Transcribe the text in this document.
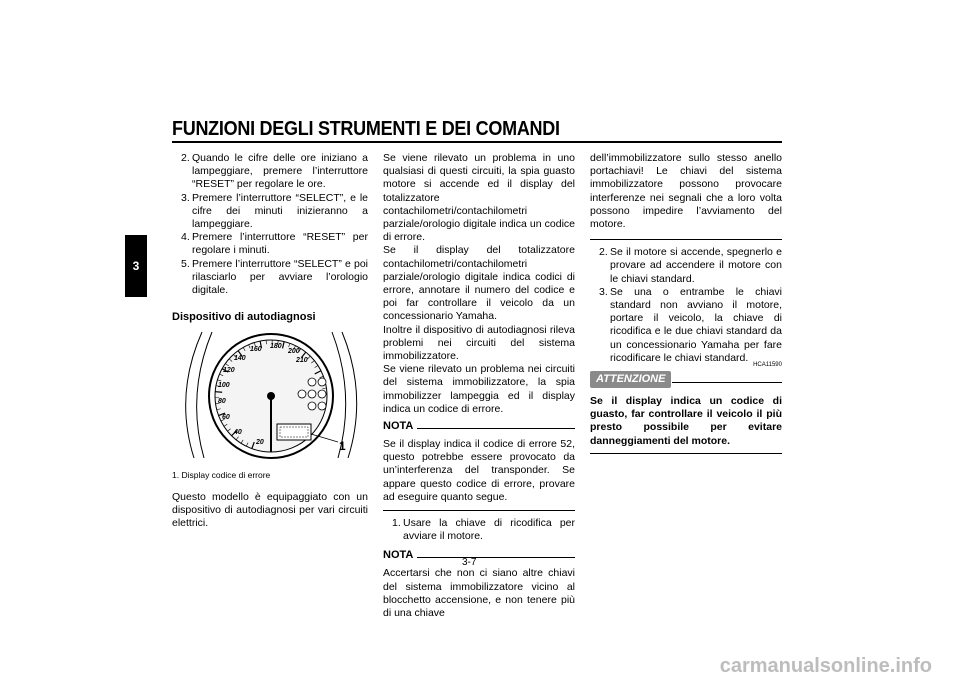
FUNZIONI DEGLI STRUMENTI E DEI COMANDI
3

2. Quando le cifre delle ore iniziano a lampeggiare, premere l’interruttore “RESET” per regolare le ore.

3. Premere l’interruttore “SELECT”, e le cifre dei minuti inizieranno a lampeggiare.

4. Premere l’interruttore “RESET” per regolare i minuti.

5. Premere l’interruttore “SELECT” e poi rilasciarlo per avviare l’orologio digitale.

Dispositivo di autodiagnosi

20
40
60
80
100
120
140
160 180
200
210
1

1. Display codice di errore

Questo modello è equipaggiato con un dispositivo di autodiagnosi per vari circuiti elettrici.

Se viene rilevato un problema in uno qualsiasi di questi circuiti, la spia guasto motore si accende ed il display del totalizzatore contachilometri/contachilometri parziale/orologio digitale indica un codice di errore.

Se il display del totalizzatore contachilometri/contachilometri parziale/orologio digitale indica codici di errore, annotare il numero del codice e poi far controllare il veicolo da un concessionario Yamaha.

Inoltre il dispositivo di autodiagnosi rileva problemi nei circuiti del sistema immobilizzatore.

Se viene rilevato un problema nei circuiti del sistema immobilizzatore, la spia immobilizzer lampeggia ed il display indica un codice di errore.

NOTA

Se il display indica il codice di errore 52, questo potrebbe essere provocato da un’interferenza del transponder. Se appare questo codice di errore, provare ad eseguire quanto segue.

1. Usare la chiave di ricodifica per avviare il motore.

NOTA

Accertarsi che non ci siano altre chiavi del sistema immobilizzatore vicino al blocchetto accensione, e non tenere più di una chiave

dell’immobilizzatore sullo stesso anello portachiavi! Le chiavi del sistema immobilizzatore possono provocare interferenze nei segnali che a loro volta possono impedire l’avviamento del motore.

2. Se il motore si accende, spegnerlo e provare ad accendere il motore con le chiavi standard.

3. Se una o entrambe le chiavi standard non avviano il motore, portare il veicolo, la chiave di ricodifica e le due chiavi standard da un concessionario Yamaha per fare ricodificare le chiavi standard.

HCA11590
ATTENZIONE

Se il display indica un codice di guasto, far controllare il veicolo il più presto possibile per evitare danneggiamenti del motore.

3-7
carmanualsonline.info
